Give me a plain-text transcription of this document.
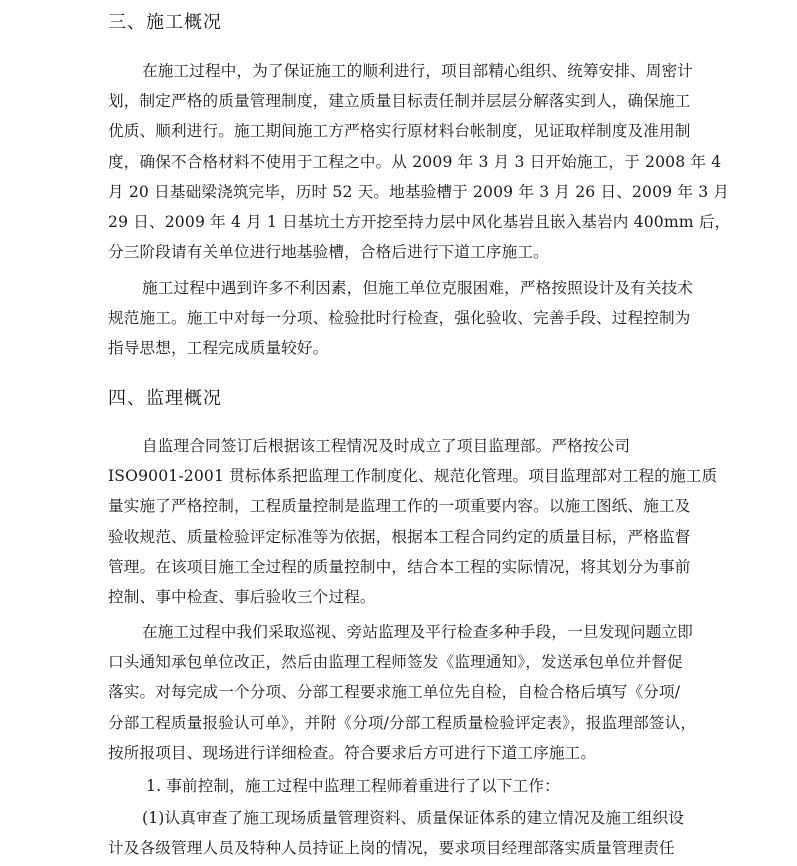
三、施工概况
在施工过程中，为了保证施工的顺利进行，项目部精心组织、统筹安排、周密计
划，制定严格的质量管理制度，建立质量目标责任制并层层分解落实到人，确保施工
优质、顺利进行。施工期间施工方严格实行原材料台帐制度，见证取样制度及准用制
度，确保不合格材料不使用于工程之中。从 2009 年 3 月 3 日开始施工，于 2008 年 4
月 20 日基础梁浇筑完毕，历时 52 天。地基验槽于 2009 年 3 月 26 日、2009 年 3 月
29 日、2009 年 4 月 1 日基坑土方开挖至持力层中风化基岩且嵌入基岩内 400mm 后，
分三阶段请有关单位进行地基验槽，合格后进行下道工序施工。
施工过程中遇到许多不利因素，但施工单位克服困难，严格按照设计及有关技术
规范施工。施工中对每一分项、检验批时行检查，强化验收、完善手段、过程控制为
指导思想，工程完成质量较好。
四、监理概况
自监理合同签订后根据该工程情况及时成立了项目监理部。严格按公司
ISO9001-2001 贯标体系把监理工作制度化、规范化管理。项目监理部对工程的施工质
量实施了严格控制，工程质量控制是监理工作的一项重要内容。以施工图纸、施工及
验收规范、质量检验评定标准等为依据，根据本工程合同约定的质量目标，严格监督
管理。在该项目施工全过程的质量控制中，结合本工程的实际情况，将其划分为事前
控制、事中检查、事后验收三个过程。
在施工过程中我们采取巡视、旁站监理及平行检查多种手段，一旦发现问题立即
口头通知承包单位改正，然后由监理工程师签发《监理通知》，发送承包单位并督促
落实。对每完成一个分项、分部工程要求施工单位先自检，自检合格后填写《分项/
分部工程质量报验认可单》，并附《分项/分部工程质量检验评定表》，报监理部签认，
按所报项目、现场进行详细检查。符合要求后方可进行下道工序施工。
1. 事前控制，施工过程中监理工程师着重进行了以下工作：
(1)认真审查了施工现场质量管理资料、质量保证体系的建立情况及施工组织设
计及各级管理人员及特种人员持证上岗的情况，要求项目经理部落实质量管理责任
